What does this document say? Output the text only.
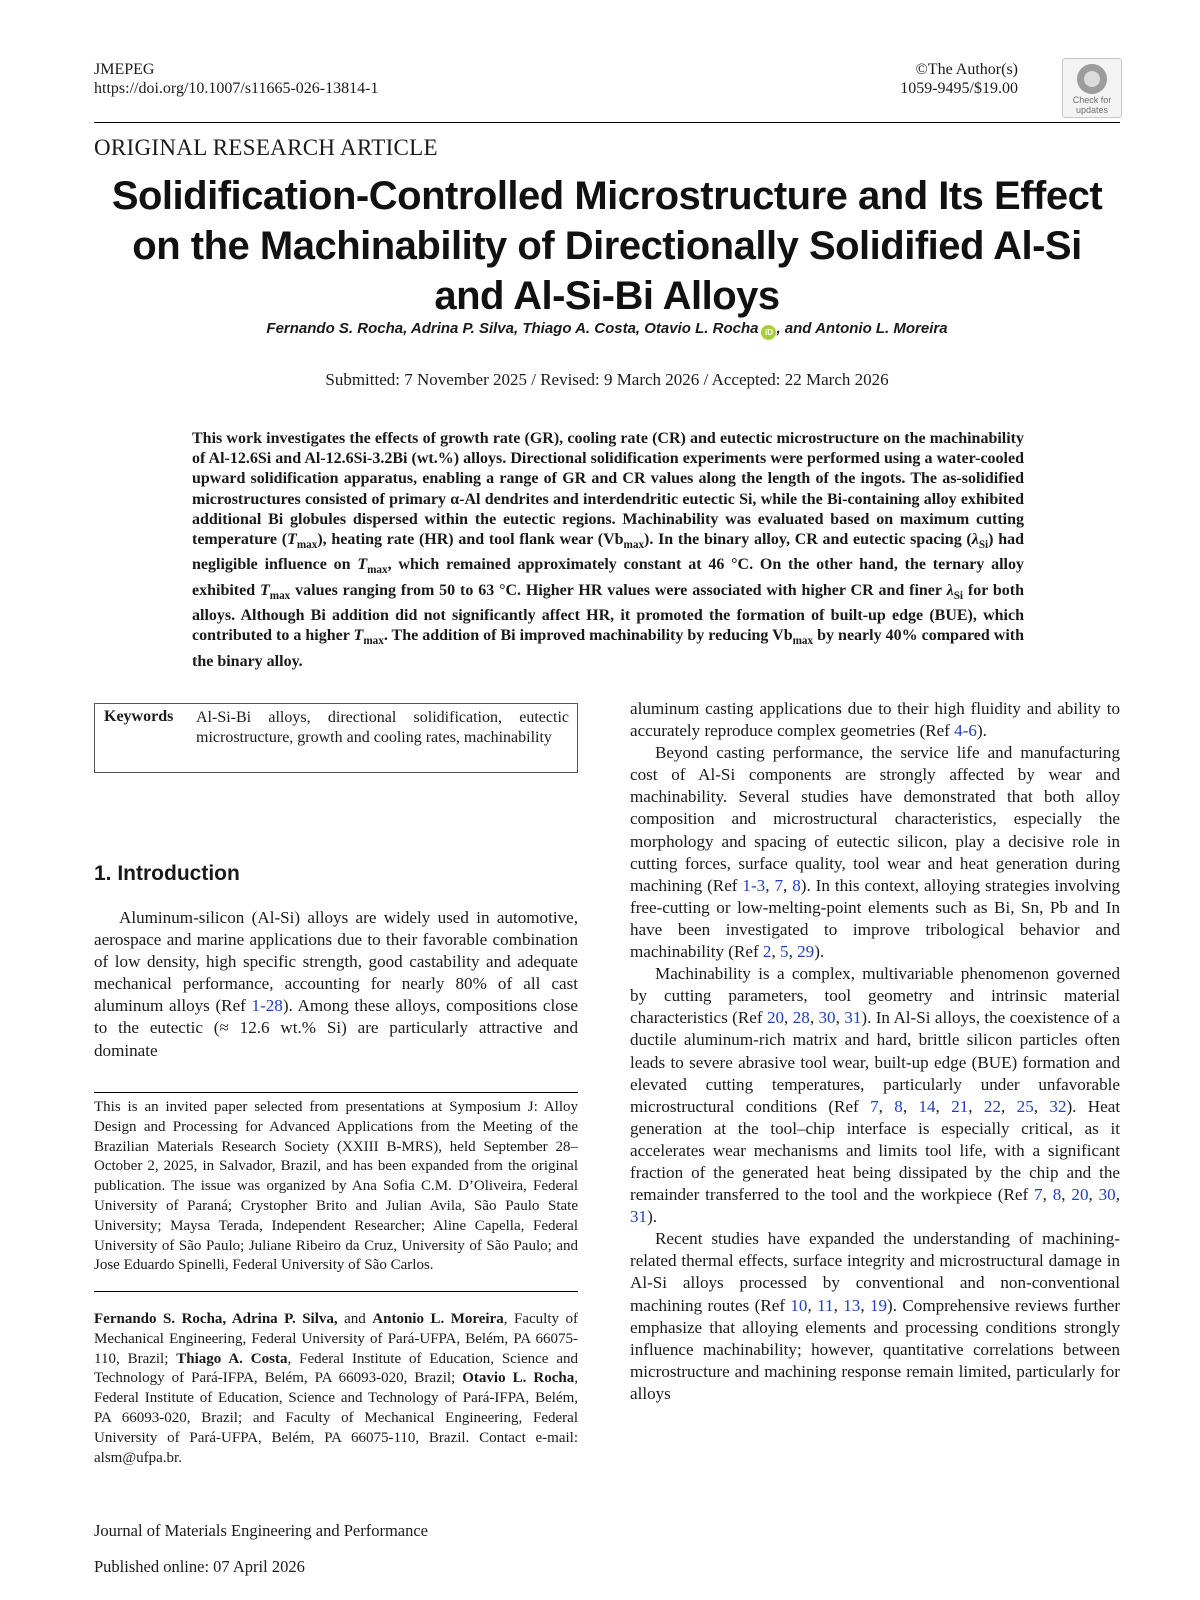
JMEPEG
https://doi.org/10.1007/s11665-026-13814-1
©The Author(s)
1059-9495/$19.00
Check for
updates
ORIGINAL RESEARCH ARTICLE
Solidification-Controlled Microstructure and Its Effect on the Machinability of Directionally Solidified Al-Si and Al-Si-Bi Alloys
Fernando S. Rocha, Adrina P. Silva, Thiago A. Costa, Otavio L. Rocha iD , and Antonio L. Moreira
Submitted: 7 November 2025 / Revised: 9 March 2026 / Accepted: 22 March 2026
This work investigates the effects of growth rate (GR), cooling rate (CR) and eutectic microstructure on the machinability of Al-12.6Si and Al-12.6Si-3.2Bi (wt.%) alloys. Directional solidification experiments were performed using a water-cooled upward solidification apparatus, enabling a range of GR and CR values along the length of the ingots. The as-solidified microstructures consisted of primary α-Al dendrites and interdendritic eutectic Si, while the Bi-containing alloy exhibited additional Bi globules dispersed within the eutectic regions. Machinability was evaluated based on maximum cutting temperature $(T_{max})$, heating rate (HR) and tool flank wear $(Vb_{max})$. In the binary alloy, CR and eutectic spacing $(\lambda_{Si})$ had negligible influence on $T_{max}$, which remained approximately constant at 46 °C. On the other hand, the ternary alloy exhibited $T_{max}$ values ranging from 50 to 63 °C. Higher HR values were associated with higher CR and finer $\lambda_{Si}$ for both alloys. Although Bi addition did not significantly affect HR, it promoted the formation of built-up edge (BUE), which contributed to a higher $T_{max}$. The addition of Bi improved machinability by reducing $Vb_{max}$ by nearly 40% compared with the binary alloy.
Keywords Al-Si-Bi alloys, directional solidification, eutectic microstructure, growth and cooling rates, machinability
1. Introduction
Aluminum-silicon (Al-Si) alloys are widely used in automotive, aerospace and marine applications due to their favorable combination of low density, high specific strength, good castability and adequate mechanical performance, accounting for nearly 80% of all cast aluminum alloys (Ref 1-28). Among these alloys, compositions close to the eutectic (≈ 12.6 wt.% Si) are particularly attractive and dominate
This is an invited paper selected from presentations at Symposium J: Alloy Design and Processing for Advanced Applications from the Meeting of the Brazilian Materials Research Society (XXIII B-MRS), held September 28–October 2, 2025, in Salvador, Brazil, and has been expanded from the original publication. The issue was organized by Ana Sofia C.M. D’Oliveira, Federal University of Paraná; Crystopher Brito and Julian Avila, São Paulo State University; Maysa Terada, Independent Researcher; Aline Capella, Federal University of São Paulo; Juliane Ribeiro da Cruz, University of São Paulo; and Jose Eduardo Spinelli, Federal University of São Carlos.
Fernando S. Rocha, Adrina P. Silva, and Antonio L. Moreira, Faculty of Mechanical Engineering, Federal University of Pará-UFPA, Belém, PA 66075-110, Brazil; Thiago A. Costa, Federal Institute of Education, Science and Technology of Pará-IFPA, Belém, PA 66093-020, Brazil; Otavio L. Rocha, Federal Institute of Education, Science and Technology of Pará-IFPA, Belém, PA 66093-020, Brazil; and Faculty of Mechanical Engineering, Federal University of Pará-UFPA, Belém, PA 66075-110, Brazil. Contact e-mail: alsm@ufpa.br.

aluminum casting applications due to their high fluidity and ability to accurately reproduce complex geometries (Ref 4-6).

Beyond casting performance, the service life and manufacturing cost of Al-Si components are strongly affected by wear and machinability. Several studies have demonstrated that both alloy composition and microstructural characteristics, especially the morphology and spacing of eutectic silicon, play a decisive role in cutting forces, surface quality, tool wear and heat generation during machining (Ref 1-3, 7, 8). In this context, alloying strategies involving free-cutting or low-melting-point elements such as Bi, Sn, Pb and In have been investigated to improve tribological behavior and machinability (Ref 2, 5, 29).

Machinability is a complex, multivariable phenomenon governed by cutting parameters, tool geometry and intrinsic material characteristics (Ref 20, 28, 30, 31). In Al-Si alloys, the coexistence of a ductile aluminum-rich matrix and hard, brittle silicon particles often leads to severe abrasive tool wear, built-up edge (BUE) formation and elevated cutting temperatures, particularly under unfavorable microstructural conditions (Ref 7, 8, 14, 21, 22, 25, 32). Heat generation at the tool–chip interface is especially critical, as it accelerates wear mechanisms and limits tool life, with a significant fraction of the generated heat being dissipated by the chip and the remainder transferred to the tool and the workpiece (Ref 7, 8, 20, 30, 31).

Recent studies have expanded the understanding of machining-related thermal effects, surface integrity and microstructural damage in Al-Si alloys processed by conventional and non-conventional machining routes (Ref 10, 11, 13, 19). Comprehensive reviews further emphasize that alloying elements and processing conditions strongly influence machinability; however, quantitative correlations between microstructure and machining response remain limited, particularly for alloys

Journal of Materials Engineering and Performance
Published online: 07 April 2026
